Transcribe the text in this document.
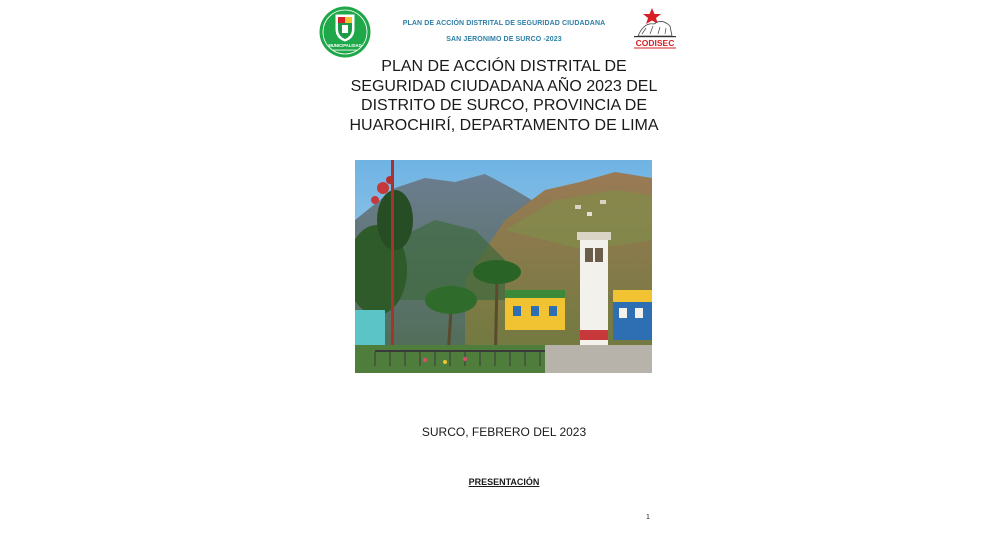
MUNICIPALIDAD
PLAN DE ACCIÓN DISTRITAL DE SEGURIDAD CIUDADANA
SAN JERONIMO DE SURCO -2023	CODISEC
PLAN DE ACCIÓN DISTRITAL DE
SEGURIDAD CIUDADANA AÑO 2023 DEL
DISTRITO DE SURCO, PROVINCIA DE
HUAROCHIRÍ, DEPARTAMENTO DE LIMA
SURCO, FEBRERO DEL 2023
PRESENTACIÓN
1
